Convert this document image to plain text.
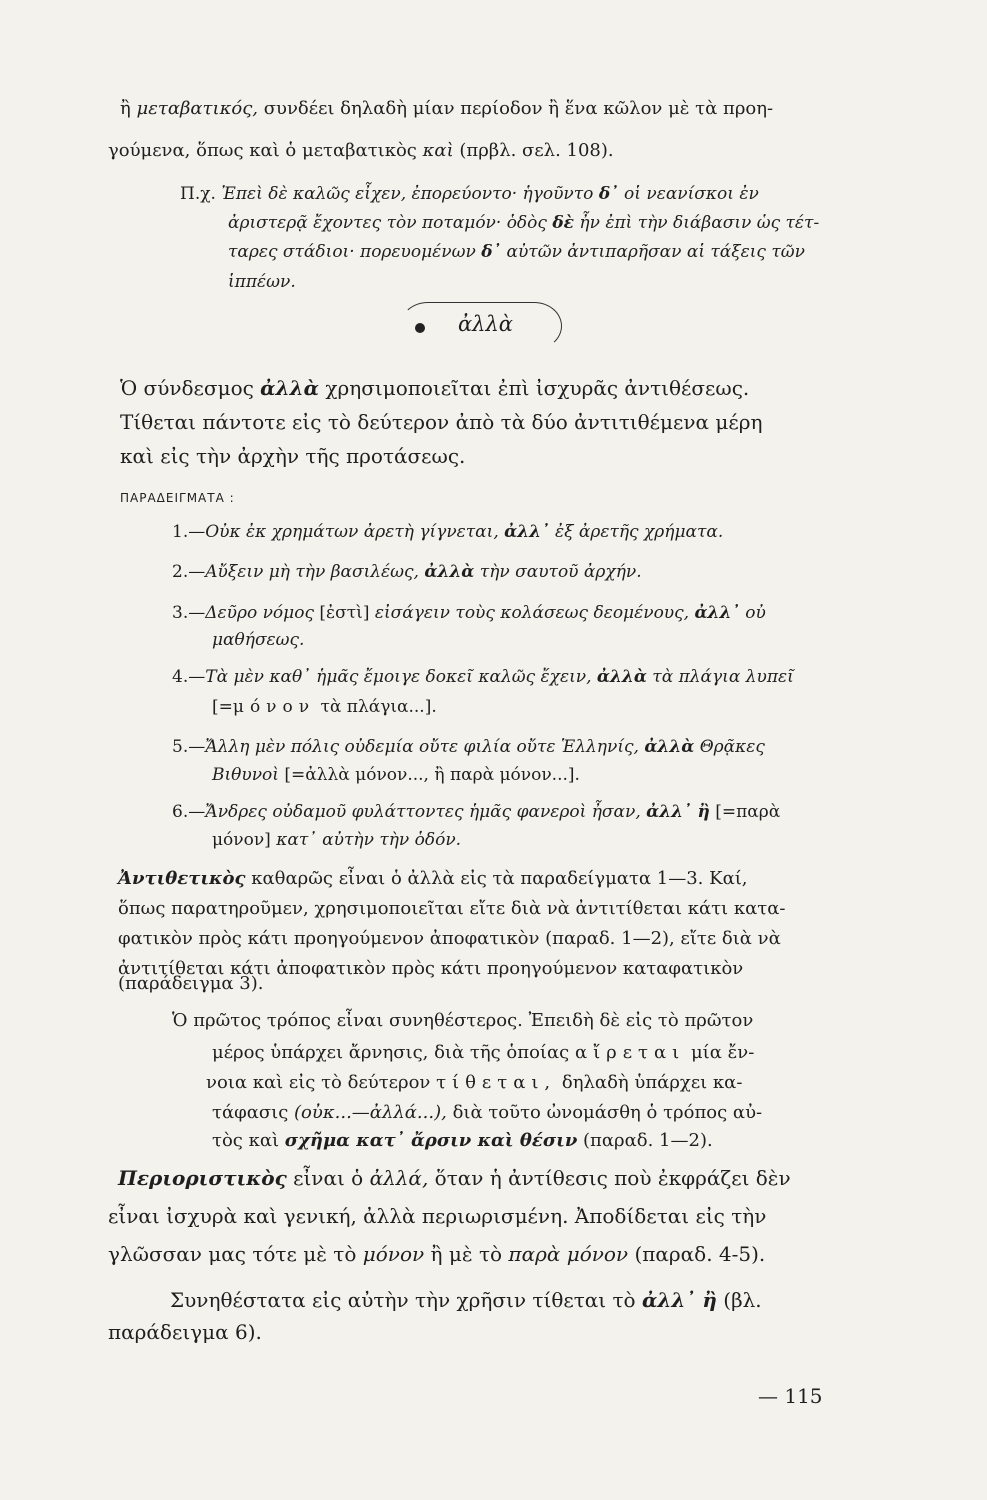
ἢ μεταβατικός, συνδέει δηλαδὴ μίαν περίοδον ἢ ἕνα κῶλον μὲ τὰ προη-

γούμενα, ὅπως καὶ ὁ μεταβατικὸς καὶ (πρβλ. σελ. 108).

Π.χ. Ἐπεὶ δὲ καλῶς εἶχεν, ἐπορεύοντο· ἡγοῦντο δ᾽ οἱ νεανίσκοι ἐν

ἀριστερᾷ ἔχοντες τὸν ποταμόν· ὁδὸς δὲ ἦν ἐπὶ τὴν διάβασιν ὡς τέτ-

ταρες στάδιοι· πορευομένων δ᾽ αὐτῶν ἀντιπαρῆσαν αἱ τάξεις τῶν

ἱππέων.

ἀλλὰ

Ὁ σύνδεσμος ἀλλὰ χρησιμοποιεῖται ἐπὶ ἰσχυρᾶς ἀντιθέσεως.

Τίθεται πάντοτε εἰς τὸ δεύτερον ἀπὸ τὰ δύο ἀντιτιθέμενα μέρη

καὶ εἰς τὴν ἀρχὴν τῆς προτάσεως.

ΠΑΡΑΔΕΙΓΜΑΤΑ :

1.—Οὐκ ἐκ χρημάτων ἀρετὴ γίγνεται, ἀλλ᾽ ἐξ ἀρετῆς χρήματα.

2.—Αὔξειν μὴ τὴν βασιλέως, ἀλλὰ τὴν σαυτοῦ ἀρχήν.

3.—Δεῦρο νόμος [ἐστὶ] εἰσάγειν τοὺς κολάσεως δεομένους, ἀλλ᾽ οὐ

μαθήσεως.

4.—Τὰ μὲν καθ᾽ ἡμᾶς ἔμοιγε δοκεῖ καλῶς ἔχειν, ἀλλὰ τὰ πλάγια λυπεῖ

[=μόνον τὰ πλάγια...].

5.—Ἄλλη μὲν πόλις οὐδεμία οὔτε φιλία οὔτε Ἑλληνίς, ἀλλὰ Θρᾷκες

Βιθυνοὶ [=ἀλλὰ μόνον..., ἢ παρὰ μόνον...].

6.—Ἄνδρες οὐδαμοῦ φυλάττοντες ἡμᾶς φανεροὶ ἦσαν, ἀλλ᾽ ἢ [=παρὰ

μόνον] κατ᾽ αὐτὴν τὴν ὁδόν.

Ἀντιθετικὸς καθαρῶς εἶναι ὁ ἀλλὰ εἰς τὰ παραδείγματα 1—3. Καί,

ὅπως παρατηροῦμεν, χρησιμοποιεῖται εἴτε διὰ νὰ ἀντιτίθεται κάτι κατα-

φατικὸν πρὸς κάτι προηγούμενον ἀποφατικὸν (παραδ. 1—2), εἴτε διὰ νὰ

ἀντιτίθεται κάτι ἀποφατικὸν πρὸς κάτι προηγούμενον καταφατικὸν

(παράδειγμα 3).

Ὁ πρῶτος τρόπος εἶναι συνηθέστερος. Ἐπειδὴ δὲ εἰς τὸ πρῶτον

μέρος ὑπάρχει ἄρνησις, διὰ τῆς ὁποίας αἴρεται μία ἔν-

νοια καὶ εἰς τὸ δεύτερον τίθεται, δηλαδὴ ὑπάρχει κα-

τάφασις (οὐκ...—ἀλλά...), διὰ τοῦτο ὠνομάσθη ὁ τρόπος αὐ-

τὸς καὶ σχῆμα κατ᾽ ἄρσιν καὶ θέσιν (παραδ. 1—2).

Περιοριστικὸς εἶναι ὁ ἀλλά, ὅταν ἡ ἀντίθεσις ποὺ ἐκφράζει δὲν

εἶναι ἰσχυρὰ καὶ γενική, ἀλλὰ περιωρισμένη. Ἀποδίδεται εἰς τὴν

γλῶσσαν μας τότε μὲ τὸ μόνον ἢ μὲ τὸ παρὰ μόνον (παραδ. 4-5).

Συνηθέστατα εἰς αὐτὴν τὴν χρῆσιν τίθεται τὸ ἀλλ᾽ ἢ (βλ.

παράδειγμα 6).

— 115
